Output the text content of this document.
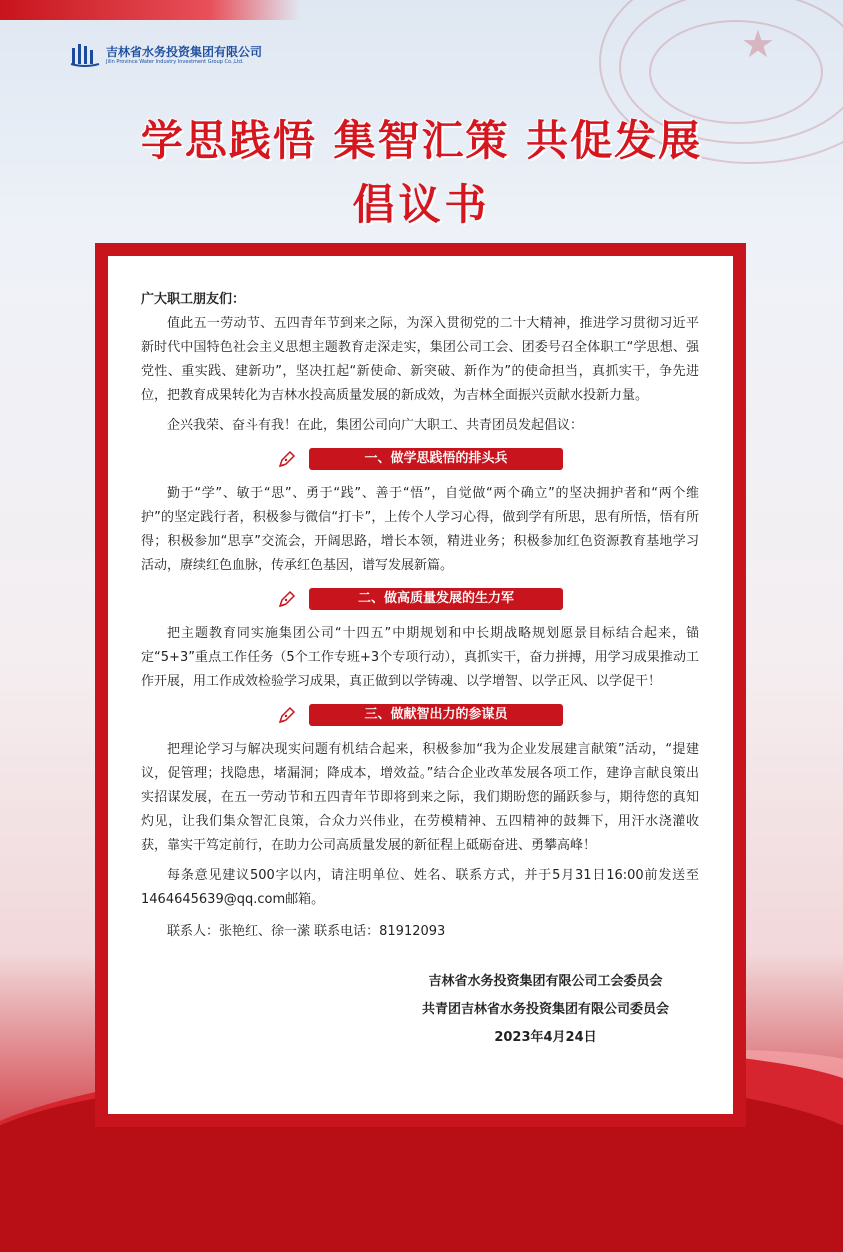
★
吉林省水务投资集团有限公司
Jilin Province Water Industry Investment Group Co.,Ltd.
学思践悟 集智汇策 共促发展
倡议书

广大职工朋友们：

值此五一劳动节、五四青年节到来之际，为深入贯彻党的二十大精神，推进学习贯彻习近平新时代中国特色社会主义思想主题教育走深走实，集团公司工会、团委号召全体职工“学思想、强党性、重实践、建新功”，坚决扛起“新使命、新突破、新作为”的使命担当，真抓实干，争先进位，把教育成果转化为吉林水投高质量发展的新成效，为吉林全面振兴贡献水投新力量。

企兴我荣、奋斗有我！在此，集团公司向广大职工、共青团员发起倡议：

一、做学思践悟的排头兵

勤于“学”、敏于“思”、勇于“践”、善于“悟”，自觉做“两个确立”的坚决拥护者和“两个维护”的坚定践行者，积极参与微信“打卡”，上传个人学习心得，做到学有所思，思有所悟，悟有所得；积极参加“思享”交流会，开阔思路，增长本领，精进业务；积极参加红色资源教育基地学习活动，赓续红色血脉，传承红色基因，谱写发展新篇。

二、做高质量发展的生力军

把主题教育同实施集团公司“十四五”中期规划和中长期战略规划愿景目标结合起来，锚定“5+3”重点工作任务（5个工作专班+3个专项行动），真抓实干，奋力拼搏，用学习成果推动工作开展，用工作成效检验学习成果，真正做到以学铸魂、以学增智、以学正风、以学促干！

三、做献智出力的参谋员

把理论学习与解决现实问题有机结合起来，积极参加“我为企业发展建言献策”活动，“提建议，促管理；找隐患，堵漏洞；降成本，增效益。”结合企业改革发展各项工作，建诤言献良策出实招谋发展，在五一劳动节和五四青年节即将到来之际，我们期盼您的踊跃参与，期待您的真知灼见，让我们集众智汇良策，合众力兴伟业，在劳模精神、五四精神的鼓舞下，用汗水浇灌收获，靠实干笃定前行，在助力公司高质量发展的新征程上砥砺奋进、勇攀高峰！

每条意见建议500字以内，请注明单位、姓名、联系方式，并于5月31日16:00前发送至1464645639@qq.com邮箱。

联系人：张艳红、徐一潆 联系电话：81912093

吉林省水务投资集团有限公司工会委员会
共青团吉林省水务投资集团有限公司委员会
2023年4月24日
